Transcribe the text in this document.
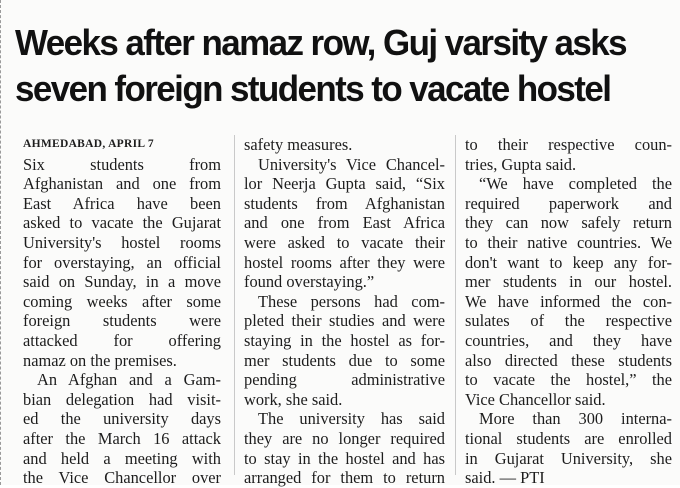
Weeks after namaz row, Guj varsity asks
seven foreign students to vacate hostel
AHMEDABAD, APRIL 7
Six students from
Afghanistan and one from
East Africa have been
asked to vacate the Gujarat
University's hostel rooms
for overstaying, an official
said on Sunday, in a move
coming weeks after some
foreign students were
attacked for offering
namaz on the premises.
An Afghan and a Gam-
bian delegation had visit-
ed the university days
after the March 16 attack
and held a meeting with
the Vice Chancellor over
safety measures.
University's Vice Chancel-
lor Neerja Gupta said, “Six
students from Afghanistan
and one from East Africa
were asked to vacate their
hostel rooms after they were
found overstaying.”
These persons had com-
pleted their studies and were
staying in the hostel as for-
mer students due to some
pending administrative
work, she said.
The university has said
they are no longer required
to stay in the hostel and has
arranged for them to return
to their respective coun-
tries, Gupta said.
“We have completed the
required paperwork and
they can now safely return
to their native countries. We
don't want to keep any for-
mer students in our hostel.
We have informed the con-
sulates of the respective
countries, and they have
also directed these students
to vacate the hostel,” the
Vice Chancellor said.
More than 300 interna-
tional students are enrolled
in Gujarat University, she
said. — PTI
